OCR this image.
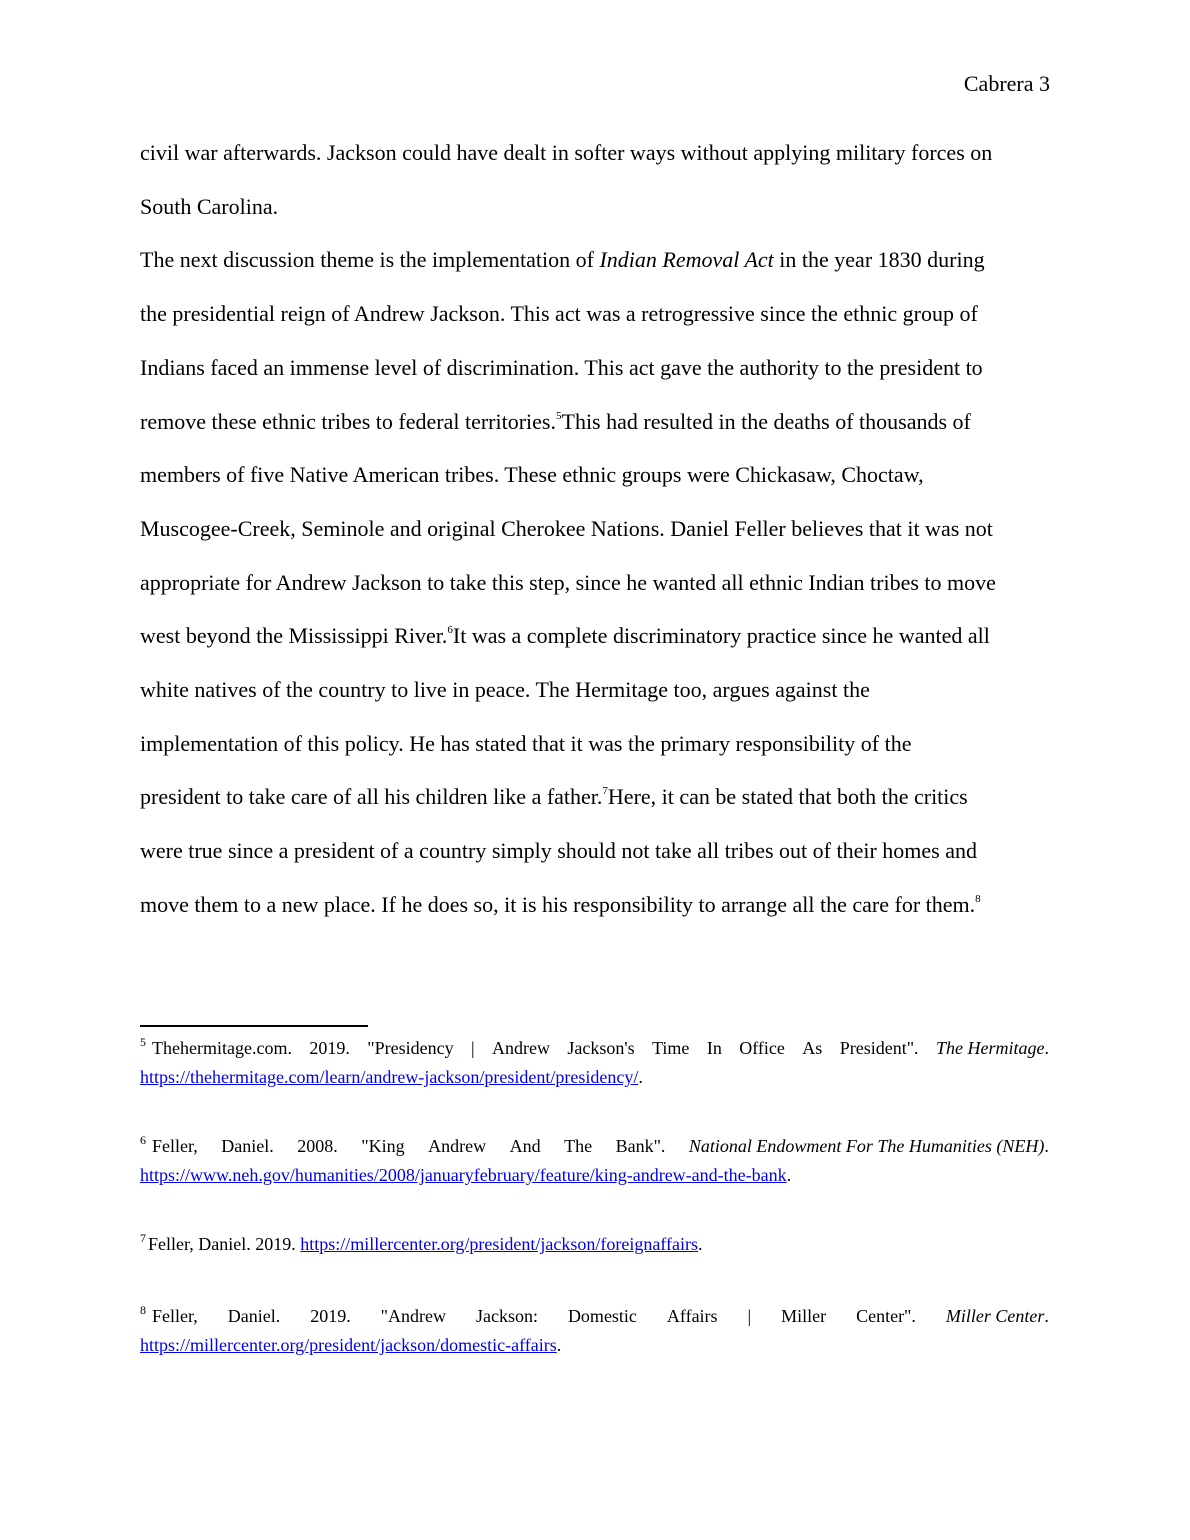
Cabrera 3

civil war afterwards. Jackson could have dealt in softer ways without applying military forces on

South Carolina.

The next discussion theme is the implementation of Indian Removal Act in the year 1830 during

the presidential reign of Andrew Jackson. This act was a retrogressive since the ethnic group of

Indians faced an immense level of discrimination. This act gave the authority to the president to

remove these ethnic tribes to federal territories.$^5$This had resulted in the deaths of thousands of

members of five Native American tribes. These ethnic groups were Chickasaw, Choctaw,

Muscogee-Creek, Seminole and original Cherokee Nations. Daniel Feller believes that it was not

appropriate for Andrew Jackson to take this step, since he wanted all ethnic Indian tribes to move

west beyond the Mississippi River.$^6$It was a complete discriminatory practice since he wanted all

white natives of the country to live in peace. The Hermitage too, argues against the

implementation of this policy. He has stated that it was the primary responsibility of the

president to take care of all his children like a father.$^7$Here, it can be stated that both the critics

were true since a president of a country simply should not take all tribes out of their homes and

move them to a new place. If he does so, it is his responsibility to arrange all the care for them.$^8$

$^5$ Thehermitage.com. 2019. "Presidency | Andrew Jackson's Time In Office As President". The Hermitage.
https://thehermitage.com/learn/andrew-jackson/president/presidency/.
$^6$ Feller, Daniel. 2008. "King Andrew And The Bank". National Endowment For The Humanities (NEH).
https://www.neh.gov/humanities/2008/januaryfebruary/feature/king-andrew-and-the-bank.
$^7$ Feller, Daniel. 2019. https://millercenter.org/president/jackson/foreignaffairs.
$^8$ Feller, Daniel. 2019. "Andrew Jackson: Domestic Affairs | Miller Center". Miller Center.
https://millercenter.org/president/jackson/domestic-affairs.
